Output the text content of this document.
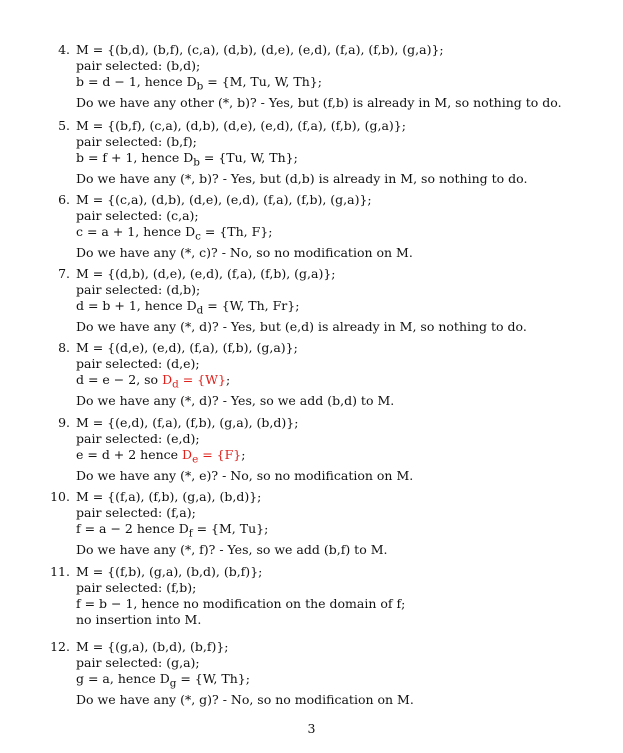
4. M = {(b,d), (b,f), (c,a), (d,b), (d,e), (e,d), (f,a), (f,b), (g,a)};
pair selected: (b,d);
b = d − 1, hence $D_b = \{M$, Tu, W, Th};
Do we have any other (*, b)? - Yes, but (f,b) is already in M, so nothing to do.
5. M = {(b,f), (c,a), (d,b), (d,e), (e,d), (f,a), (f,b), (g,a)};
pair selected: (b,f);
b = f + 1, hence $D_b = \{Tu$, W, Th};
Do we have any (*, b)? - Yes, but (d,b) is already in M, so nothing to do.
6. M = {(c,a), (d,b), (d,e), (e,d), (f,a), (f,b), (g,a)};
pair selected: (c,a);
c = a + 1, hence $D_c = \{Th$, F};
Do we have any (*, c)? - No, so no modification on M.
7. M = {(d,b), (d,e), (e,d), (f,a), (f,b), (g,a)};
pair selected: (d,b);
d = b + 1, hence $D_d = \{W$, Th, Fr};
Do we have any (*, d)? - Yes, but (e,d) is already in M, so nothing to do.
8. M = {(d,e), (e,d), (f,a), (f,b), (g,a)};
pair selected: (d,e);
d = e − 2, so $D_d = \{W\}$;
Do we have any (*, d)? - Yes, so we add (b,d) to M.
9. M = {(e,d), (f,a), (f,b), (g,a), (b,d)};
pair selected: (e,d);
e = d + 2 hence $D_e = \{F\}$;
Do we have any (*, e)? - No, so no modification on M.
10. M = {(f,a), (f,b), (g,a), (b,d)};
pair selected: (f,a);
f = a − 2 hence $D_f = \{M$, Tu};
Do we have any (*, f)? - Yes, so we add (b,f) to M.
11. M = {(f,b), (g,a), (b,d), (b,f)};
pair selected: (f,b);
f = b − 1, hence no modification on the domain of f;
no insertion into M.
12. M = {(g,a), (b,d), (b,f)};
pair selected: (g,a);
g = a, hence $D_g = \{W$, Th};
Do we have any (*, g)? - No, so no modification on M.
3
